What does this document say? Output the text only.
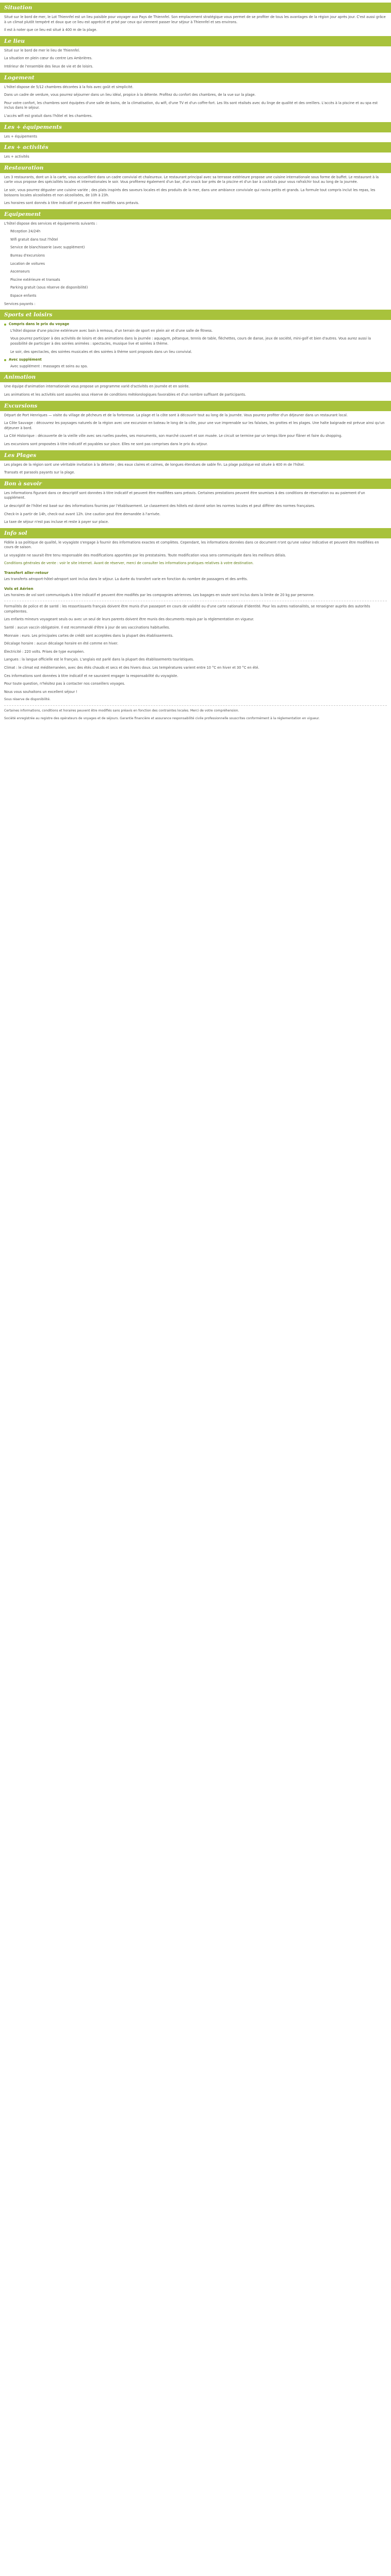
Situation

Situé sur le bord de mer, le Lot Thiennfel est un lieu paisible pour voyager aux Pays de Thiennfel. Son emplacement stratégique vous permet de se profiter de tous les avantages de la région jour après jour. C'est aussi grâce à un climat plutôt tempéré et doux que ce lieu est apprécié et prisé par ceux qui viennent passer leur séjour à Thiennfel et ses environs.

Il est à noter que ce lieu est situé à 400 m de la plage.

Le lieu

Situé sur le bord de mer le lieu de Thiennfel.

La situation en plein cœur du centre Les Ambrières.

Intérieur de l'ensemble des lieux de vie et de loisirs.

Logement

L'hôtel dispose de 5/12 chambres décorées à la fois avec goût et simplicité.

Dans un cadre de verdure, vous pourrez séjourner dans un lieu idéal, propice à la détente. Profitez du confort des chambres, de la vue sur la plage.

Pour votre confort, les chambres sont équipées d'une salle de bains, de la climatisation, du wifi, d'une TV et d'un coffre-fort. Les lits sont réalisés avec du linge de qualité et des oreillers. L'accès à la piscine et au spa est inclus dans le séjour.

L'accès wifi est gratuit dans l'hôtel et les chambres.

Les + équipements

Les + équipements

Les + activités

Les + activités

Restauration

Les 3 restaurants, dont un à la carte, vous accueillent dans un cadre convivial et chaleureux. Le restaurant principal avec sa terrasse extérieure propose une cuisine internationale sous forme de buffet. Le restaurant à la carte vous propose des spécialités locales et internationales le soir. Vous profiterez également d'un bar, d'un snack bar près de la piscine et d'un bar à cocktails pour vous rafraîchir tout au long de la journée.

Le soir, vous pourrez déguster une cuisine variée ; des plats inspirés des saveurs locales et des produits de la mer, dans une ambiance conviviale qui ravira petits et grands. La formule tout compris inclut les repas, les boissons locales alcoolisées et non alcoolisées, de 10h à 23h.

Les horaires sont donnés à titre indicatif et peuvent être modifiés sans préavis.

Equipement

L'hôtel dispose des services et équipements suivants :

Réception 24/24h

Wifi gratuit dans tout l'hôtel

Service de blanchisserie (avec supplément)

Bureau d'excursions

Location de voitures

Ascenseurs

Piscine extérieure et transats

Parking gratuit (sous réserve de disponibilité)

Espace enfants

Services payants :

Sports et loisirs
Compris dans le prix du voyage

L'hôtel dispose d'une piscine extérieure avec bain à remous, d'un terrain de sport en plein air et d'une salle de fitness.

Vous pourrez participer à des activités de loisirs et des animations dans la journée : aquagym, pétanque, tennis de table, fléchettes, cours de danse, jeux de société, mini-golf et bien d'autres. Vous aurez aussi la possibilité de participer à des soirées animées : spectacles, musique live et soirées à thème.

Le soir, des spectacles, des soirées musicales et des soirées à thème sont proposés dans un lieu convivial.

Avec supplément

Avec supplément : massages et soins au spa.

Animation

Une équipe d'animation internationale vous propose un programme varié d'activités en journée et en soirée.

Les animations et les activités sont assurées sous réserve de conditions météorologiques favorables et d'un nombre suffisant de participants.

Excursions

Départ de Port Henriques — visite du village de pêcheurs et de la forteresse. La plage et la côte sont à découvrir tout au long de la journée. Vous pourrez profiter d'un déjeuner dans un restaurant local.

La Côte Sauvage : découvrez les paysages naturels de la région avec une excursion en bateau le long de la côte, pour une vue imprenable sur les falaises, les grottes et les plages. Une halte baignade est prévue ainsi qu'un déjeuner à bord.

La Cité Historique : découverte de la vieille ville avec ses ruelles pavées, ses monuments, son marché couvert et son musée. Le circuit se termine par un temps libre pour flâner et faire du shopping.

Les excursions sont proposées à titre indicatif et payables sur place. Elles ne sont pas comprises dans le prix du séjour.

Les Plages

Les plages de la région sont une véritable invitation à la détente ; des eaux claires et calmes, de longues étendues de sable fin. La plage publique est située à 400 m de l'hôtel.

Transats et parasols payants sur la plage.

Bon à savoir

Les informations figurant dans ce descriptif sont données à titre indicatif et peuvent être modifiées sans préavis. Certaines prestations peuvent être soumises à des conditions de réservation ou au paiement d'un supplément.

Le descriptif de l'hôtel est basé sur des informations fournies par l'établissement. Le classement des hôtels est donné selon les normes locales et peut différer des normes françaises.

Check-in à partir de 14h, check-out avant 12h. Une caution peut être demandée à l'arrivée.

La taxe de séjour n'est pas incluse et reste à payer sur place.

Info sol

Fidèle à sa politique de qualité, le voyagiste s'engage à fournir des informations exactes et complètes. Cependant, les informations données dans ce document n'ont qu'une valeur indicative et peuvent être modifiées en cours de saison.

Le voyagiste ne saurait être tenu responsable des modifications apportées par les prestataires. Toute modification vous sera communiquée dans les meilleurs délais.

Conditions générales de vente : voir le site internet. Avant de réserver, merci de consulter les informations pratiques relatives à votre destination.

Transfert aller-retour

Les transferts aéroport-hôtel-aéroport sont inclus dans le séjour. La durée du transfert varie en fonction du nombre de passagers et des arrêts.

Vols et Aérien

Les horaires de vol sont communiqués à titre indicatif et peuvent être modifiés par les compagnies aériennes. Les bagages en soute sont inclus dans la limite de 20 kg par personne.

Formalités de police et de santé : les ressortissants français doivent être munis d'un passeport en cours de validité ou d'une carte nationale d'identité. Pour les autres nationalités, se renseigner auprès des autorités compétentes.

Les enfants mineurs voyageant seuls ou avec un seul de leurs parents doivent être munis des documents requis par la réglementation en vigueur.

Santé : aucun vaccin obligatoire. Il est recommandé d'être à jour de ses vaccinations habituelles.

Monnaie : euro. Les principales cartes de crédit sont acceptées dans la plupart des établissements.

Décalage horaire : aucun décalage horaire en été comme en hiver.

Électricité : 220 volts. Prises de type européen.

Langues : la langue officielle est le français. L'anglais est parlé dans la plupart des établissements touristiques.

Climat : le climat est méditerranéen, avec des étés chauds et secs et des hivers doux. Les températures varient entre 10 °C en hiver et 30 °C en été.

Ces informations sont données à titre indicatif et ne sauraient engager la responsabilité du voyagiste.

Pour toute question, n'hésitez pas à contacter nos conseillers voyages.

Nous vous souhaitons un excellent séjour !

Sous réserve de disponibilité.

Certaines informations, conditions et horaires peuvent être modifiés sans préavis en fonction des contraintes locales. Merci de votre compréhension.

Société enregistrée au registre des opérateurs de voyages et de séjours. Garantie financière et assurance responsabilité civile professionnelle souscrites conformément à la réglementation en vigueur.
